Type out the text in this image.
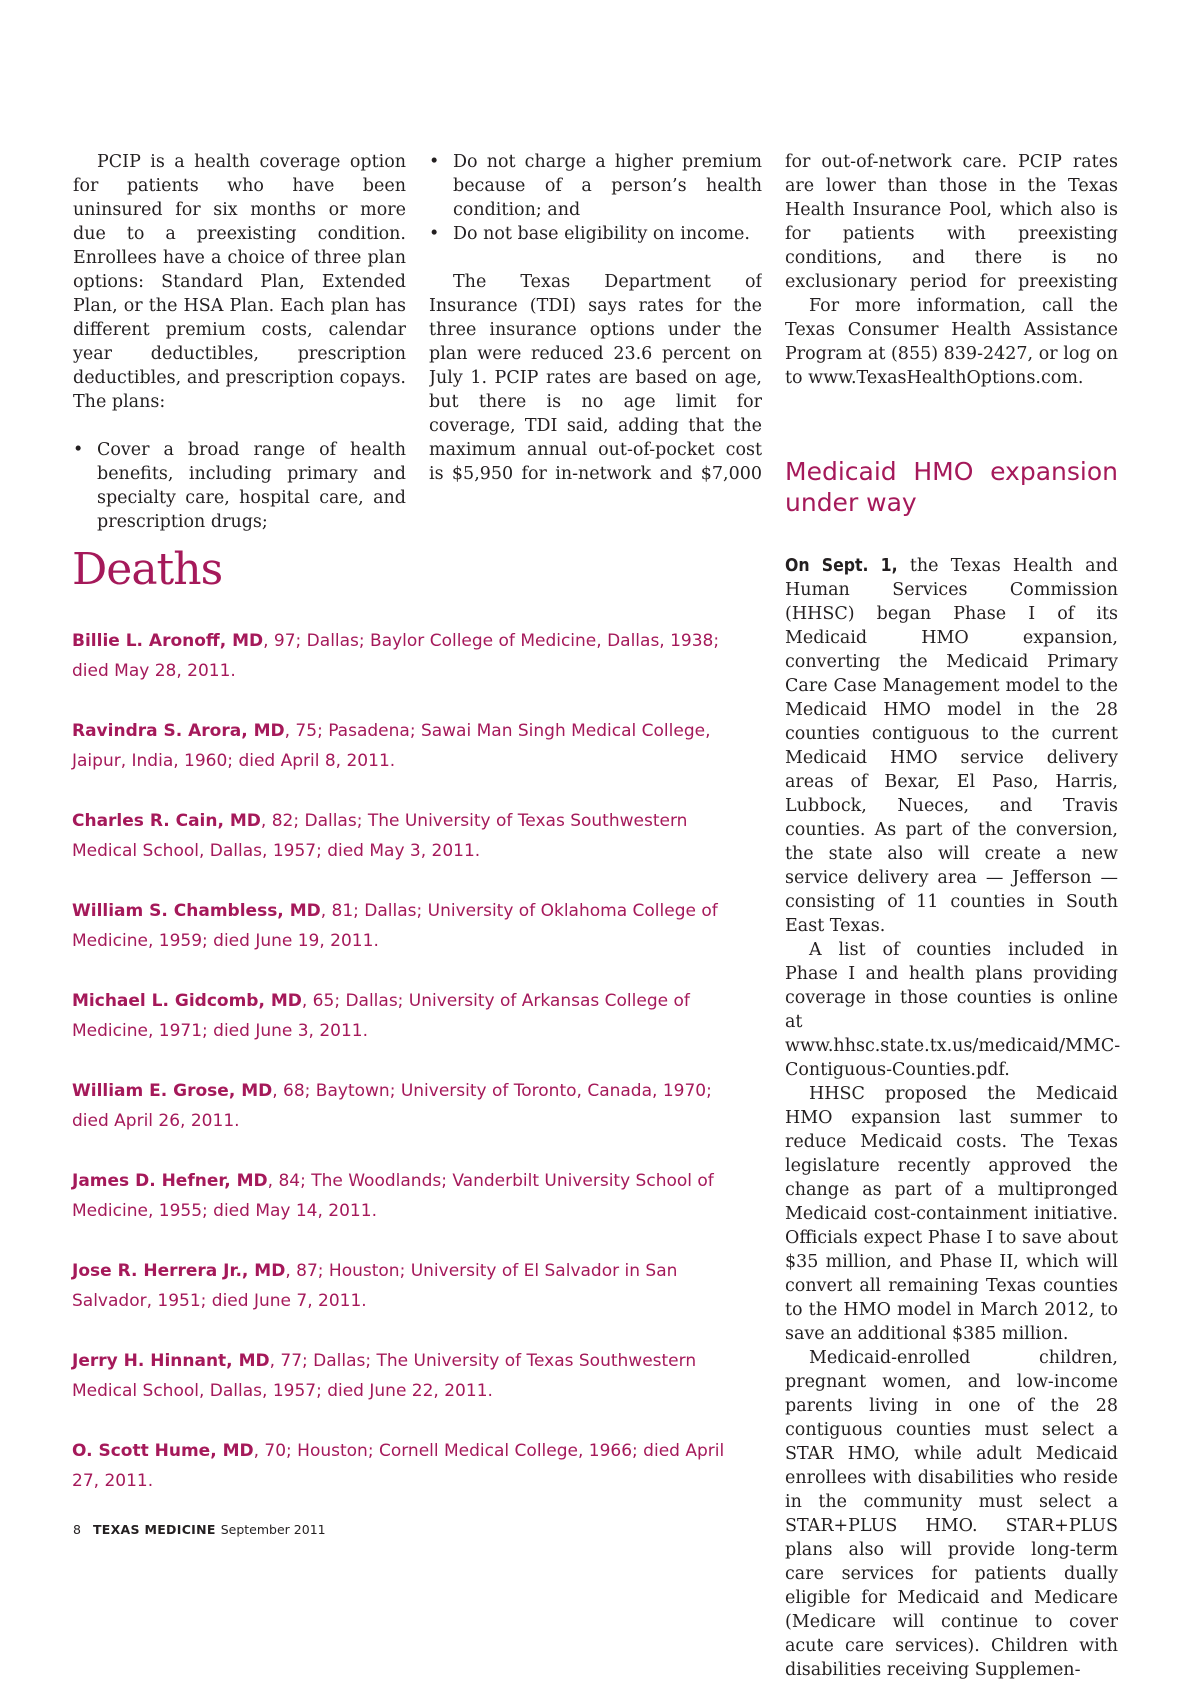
PCIP is a health coverage option for patients who have been uninsured for six months or more due to a preexisting condition. Enrollees have a choice of three plan options: Standard Plan, Extended Plan, or the HSA Plan. Each plan has different premium costs, calendar year deductibles, prescription deductibles, and prescription copays. The plans:

• Cover a broad range of health benefits, including primary and specialty care, hospital care, and prescription drugs;
• Do not charge a higher premium because of a person’s health condition; and
• Do not base eligibility on income.

The Texas Department of Insurance (TDI) says rates for the three insurance options under the plan were reduced 23.6 percent on July 1. PCIP rates are based on age, but there is no age limit for coverage, TDI said, adding that the maximum annual out-of-pocket cost is $5,950 for in-network and $7,000

for out-of-network care. PCIP rates are lower than those in the Texas Health Insurance Pool, which also is for patients with preexisting conditions, and there is no exclusionary period for preexisting

For more information, call the Texas Consumer Health Assistance Program at (855) 839-2427, or log on to www.TexasHealthOptions.com.

Medicaid HMO expansion under way

On Sept. 1, the Texas Health and Human Services Commission (HHSC) began Phase I of its Medicaid HMO expansion, converting the Medicaid Primary Care Case Management model to the Medicaid HMO model in the 28 counties contiguous to the current Medicaid HMO service delivery areas of Bexar, El Paso, Harris, Lubbock, Nueces, and Travis counties. As part of the conversion, the state also will create a new service delivery area — Jefferson — consisting of 11 counties in South East Texas.

A list of counties included in Phase I and health plans providing coverage in those counties is online at www.hhsc.state.tx.us/medicaid/MMC-Contiguous-Counties.pdf.

HHSC proposed the Medicaid HMO expansion last summer to reduce Medicaid costs. The Texas legislature recently approved the change as part of a multipronged Medicaid cost-containment initiative. Officials expect Phase I to save about $35 million, and Phase II, which will convert all remaining Texas counties to the HMO model in March 2012, to save an additional $385 million.

Medicaid-enrolled children, pregnant women, and low-income parents living in one of the 28 contiguous counties must select a STAR HMO, while adult Medicaid enrollees with disabilities who reside in the community must select a STAR+PLUS HMO. STAR+PLUS plans also will provide long-term care services for patients dually eligible for Medicaid and Medicare (Medicare will continue to cover acute care services). Children with disabilities receiving Supplemen-

Deaths

Billie L. Aronoff, MD, 97; Dallas; Baylor College of Medicine, Dallas, 1938; died May 28, 2011.

Ravindra S. Arora, MD, 75; Pasadena; Sawai Man Singh Medical College, Jaipur, India, 1960; died April 8, 2011.

Charles R. Cain, MD, 82; Dallas; The University of Texas Southwestern Medical School, Dallas, 1957; died May 3, 2011.

William S. Chambless, MD, 81; Dallas; University of Oklahoma College of Medicine, 1959; died June 19, 2011.

Michael L. Gidcomb, MD, 65; Dallas; University of Arkansas College of Medicine, 1971; died June 3, 2011.

William E. Grose, MD, 68; Baytown; University of Toronto, Canada, 1970; died April 26, 2011.

James D. Hefner, MD, 84; The Woodlands; Vanderbilt University School of Medicine, 1955; died May 14, 2011.

Jose R. Herrera Jr., MD, 87; Houston; University of El Salvador in San Salvador, 1951; died June 7, 2011.

Jerry H. Hinnant, MD, 77; Dallas; The University of Texas Southwestern Medical School, Dallas, 1957; died June 22, 2011.

O. Scott Hume, MD, 70; Houston; Cornell Medical College, 1966; died April 27, 2011.

8 TEXAS MEDICINE September 2011
